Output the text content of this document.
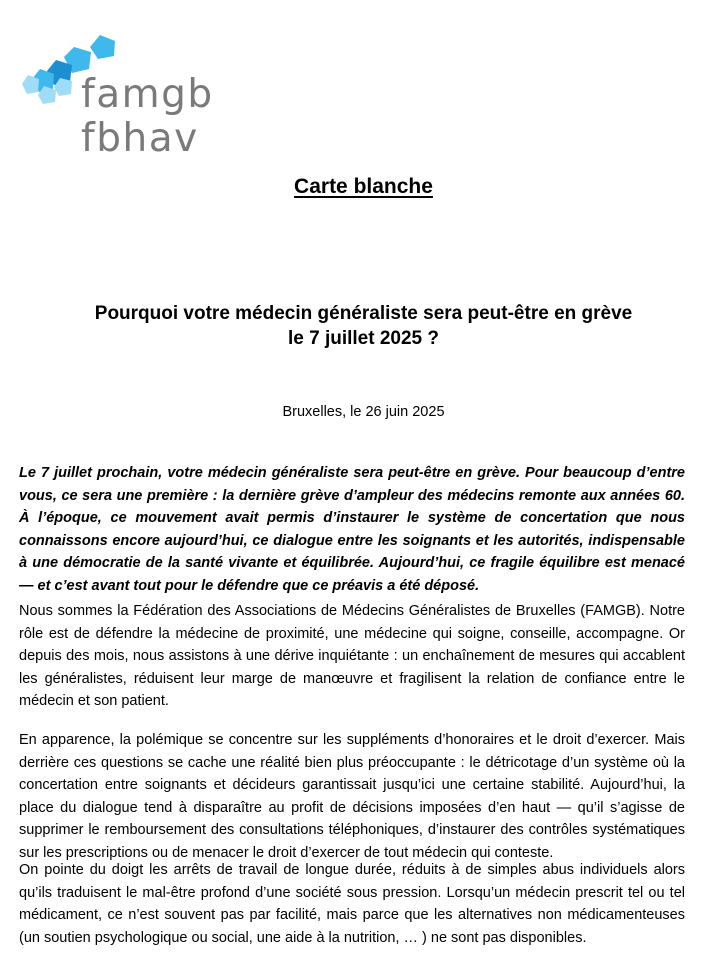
famgb
fbhav
Carte blanche
Pourquoi votre médecin généraliste sera peut-être en grève
le 7 juillet 2025 ?
Bruxelles, le 26 juin 2025

Le 7 juillet prochain, votre médecin généraliste sera peut-être en grève. Pour beaucoup d’entre vous, ce sera une première : la dernière grève d’ampleur des médecins remonte aux années 60. À l’époque, ce mouvement avait permis d’instaurer le système de concertation que nous connaissons encore aujourd’hui, ce dialogue entre les soignants et les autorités, indispensable à une démocratie de la santé vivante et équilibrée. Aujourd’hui, ce fragile équilibre est menacé — et c’est avant tout pour le défendre que ce préavis a été déposé.

Nous sommes la Fédération des Associations de Médecins Généralistes de Bruxelles (FAMGB). Notre rôle est de défendre la médecine de proximité, une médecine qui soigne, conseille, accompagne. Or depuis des mois, nous assistons à une dérive inquiétante : un enchaînement de mesures qui accablent les généralistes, réduisent leur marge de manœuvre et fragilisent la relation de confiance entre le médecin et son patient.

En apparence, la polémique se concentre sur les suppléments d’honoraires et le droit d’exercer. Mais derrière ces questions se cache une réalité bien plus préoccupante : le détricotage d’un système où la concertation entre soignants et décideurs garantissait jusqu’ici une certaine stabilité. Aujourd’hui, la place du dialogue tend à disparaître au profit de décisions imposées d’en haut — qu’il s’agisse de supprimer le remboursement des consultations téléphoniques, d’instaurer des contrôles systématiques sur les prescriptions ou de menacer le droit d’exercer de tout médecin qui conteste.

On pointe du doigt les arrêts de travail de longue durée, réduits à de simples abus individuels alors qu’ils traduisent le mal-être profond d’une société sous pression. Lorsqu’un médecin prescrit tel ou tel médicament, ce n’est souvent pas par facilité, mais parce que les alternatives non médicamenteuses (un soutien psychologique ou social, une aide à la nutrition, … ) ne sont pas disponibles.
